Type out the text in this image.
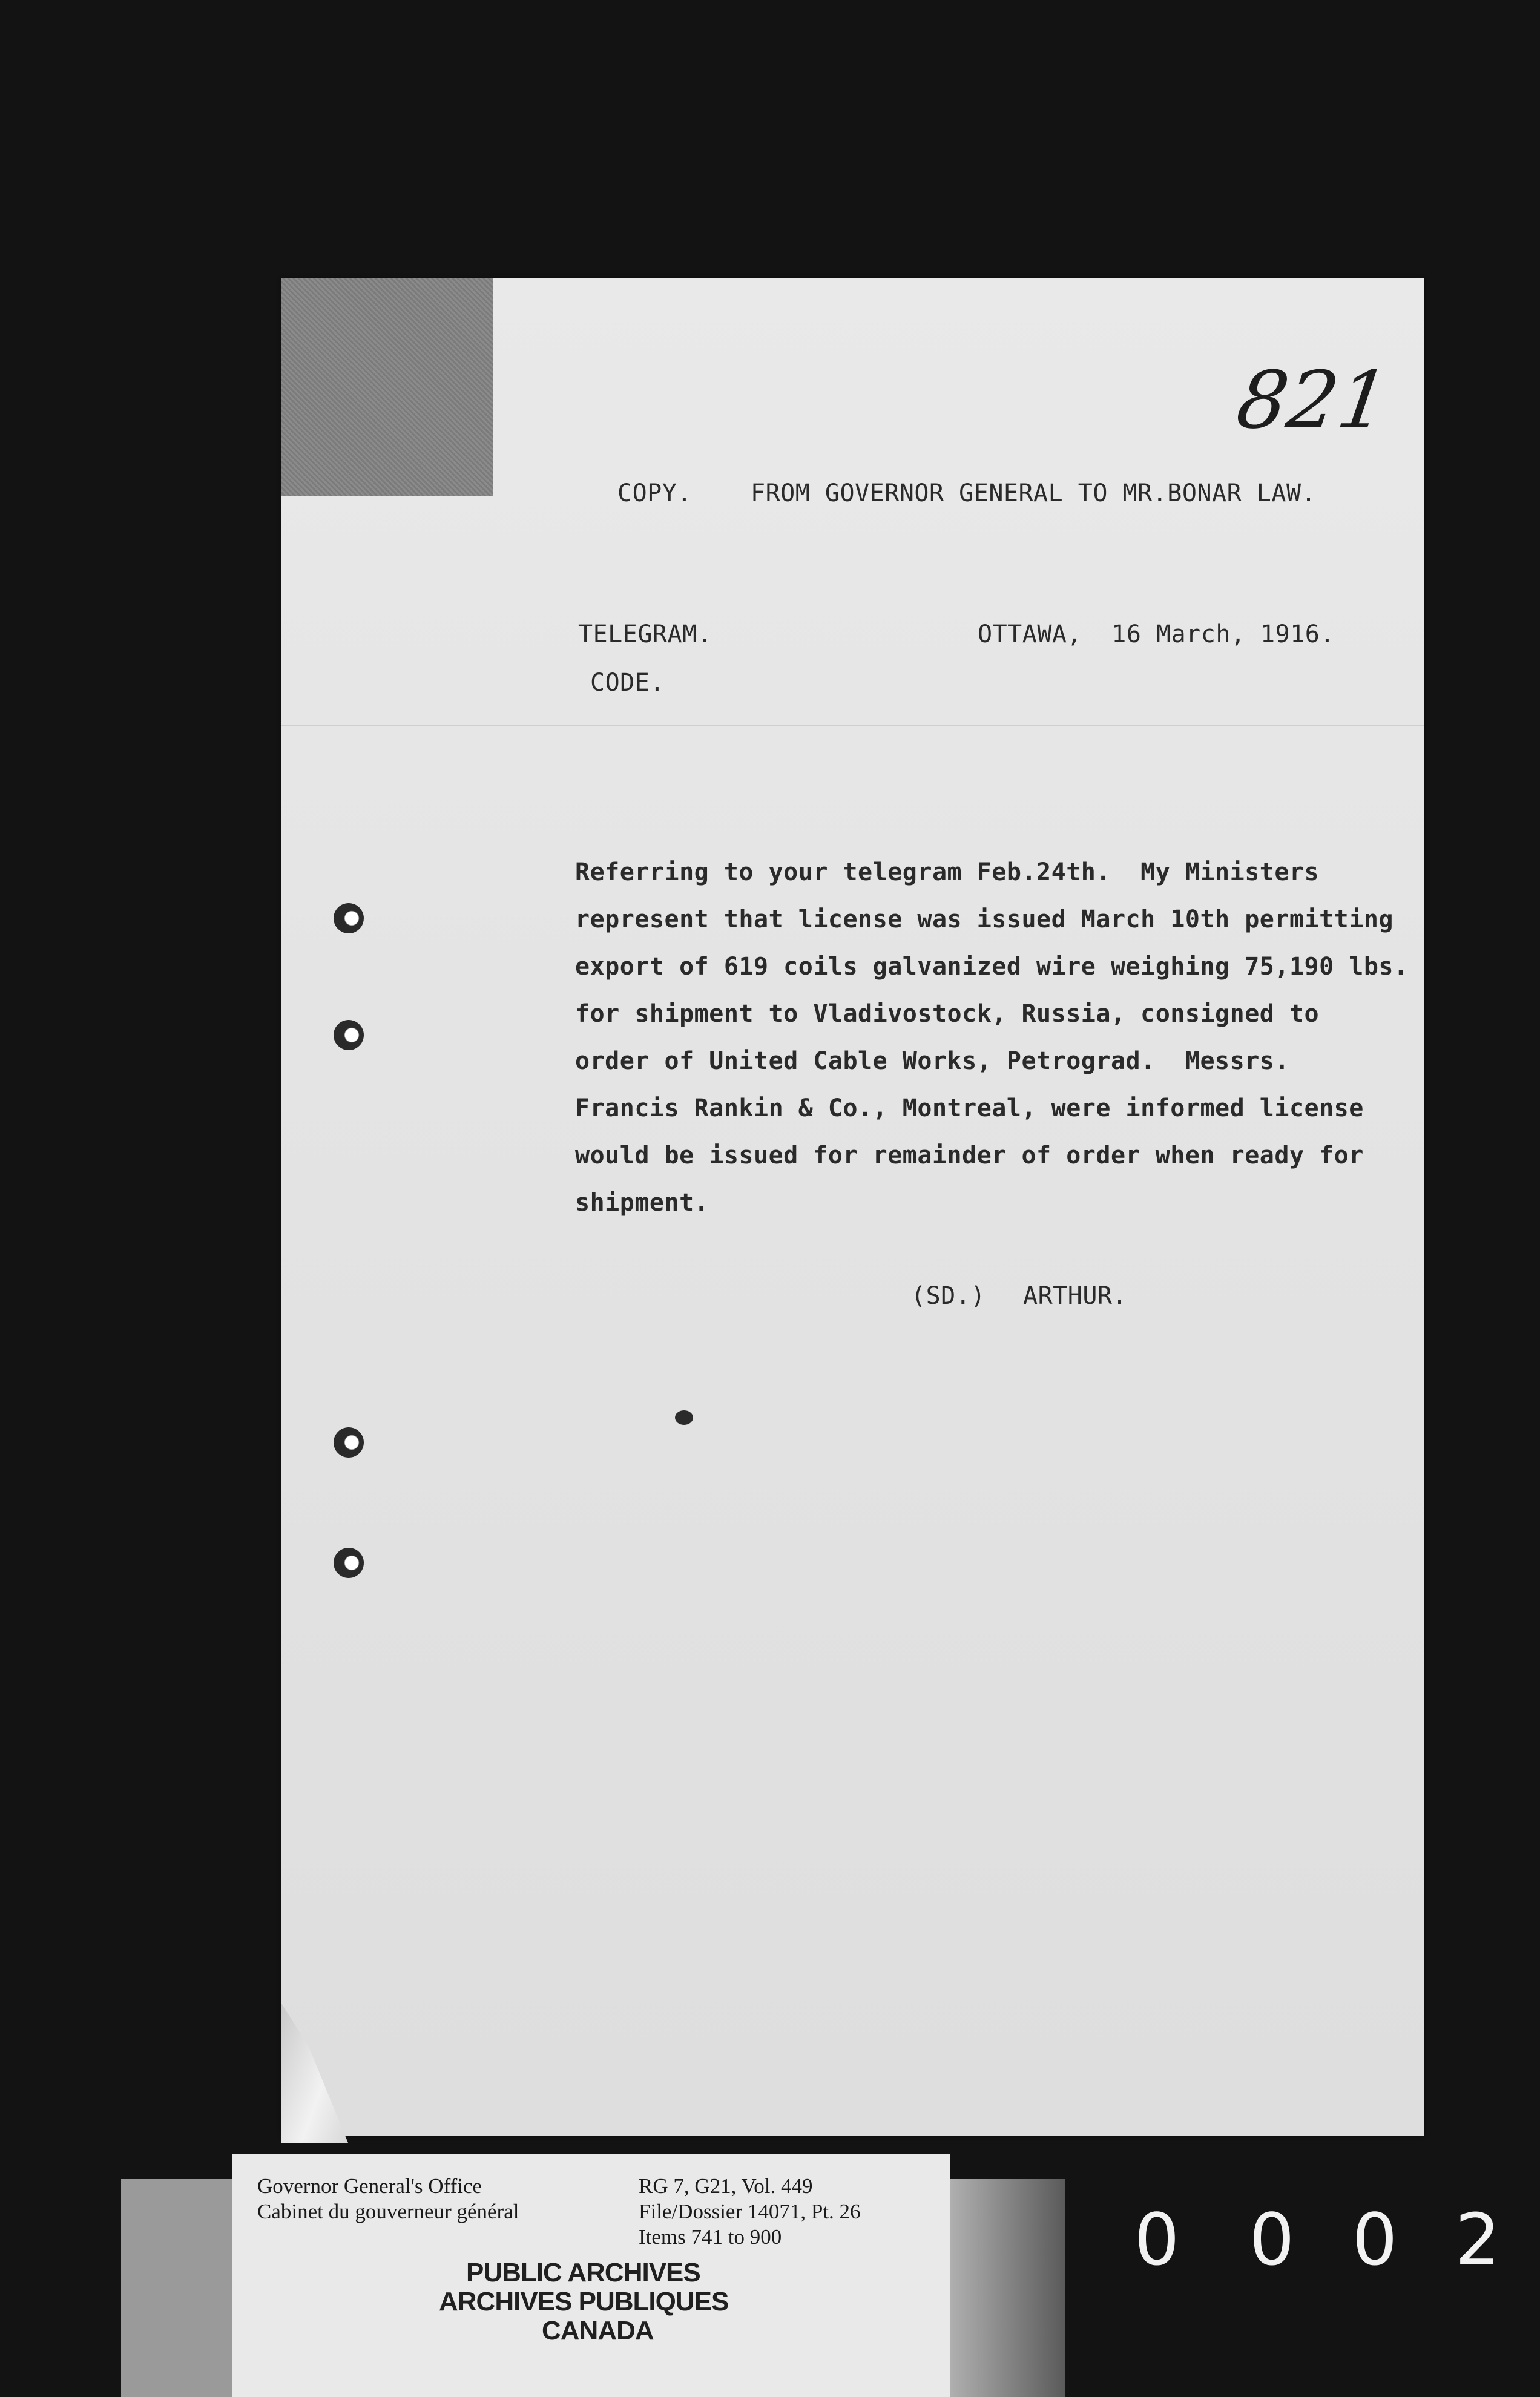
821
COPY. FROM GOVERNOR GENERAL TO MR.BONAR LAW.
TELEGRAM.
CODE.
OTTAWA,  16 March, 1916.
Referring to your telegram Feb.24th.  My Ministers
represent that license was issued March 10th permitting
export of 619 coils galvanized wire weighing 75,190 lbs.
for shipment to Vladivostock, Russia, consigned to
order of United Cable Works, Petrograd.  Messrs.
Francis Rankin & Co., Montreal, were informed license
would be issued for remainder of order when ready for
shipment.
(SD.) ARTHUR.
Governor General's Office
Cabinet du gouverneur général
RG 7, G21, Vol. 449
File/Dossier 14071, Pt. 26
Items 741 to 900
PUBLIC ARCHIVES
ARCHIVES PUBLIQUES
CANADA
0 0 0 2
